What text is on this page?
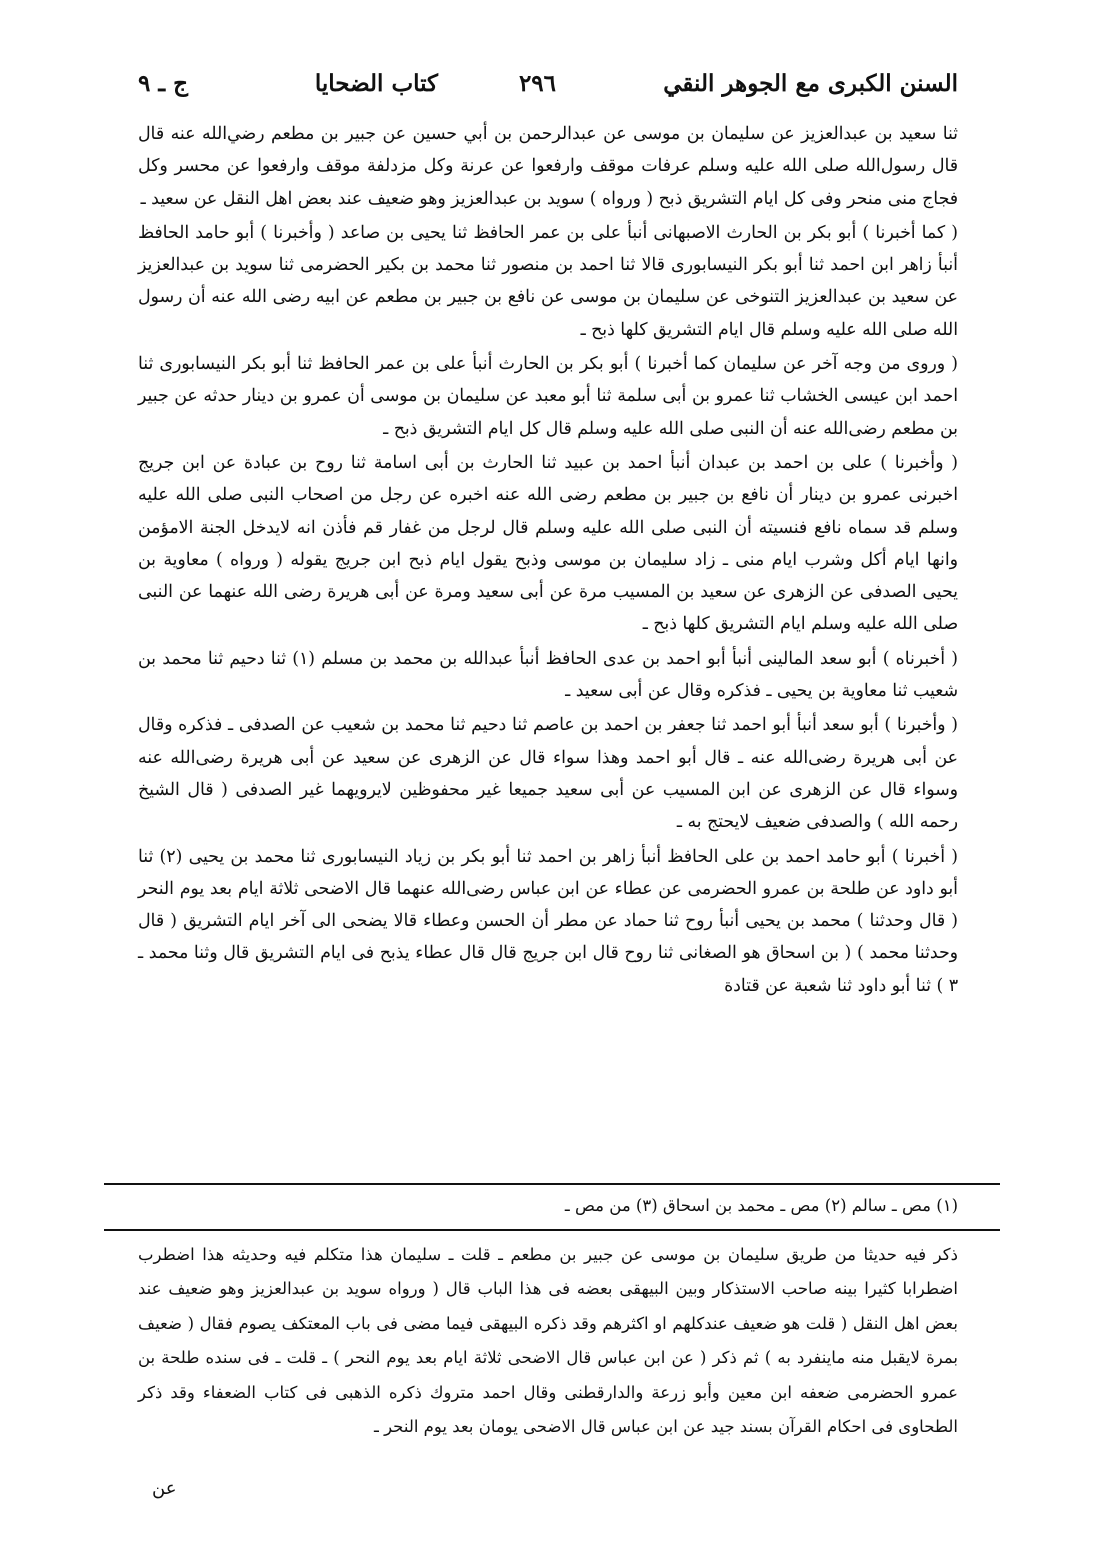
السنن الكبرى مع الجوهر النقي
٢٩٦
كتاب الضحايا
ج ـ ٩

ثنا سعيد بن عبدالعزيز عن سليمان بن موسى عن عبدالرحمن بن أبي حسين عن جبير بن مطعم رضي‌الله عنه قال قال رسول‌الله صلى الله عليه وسلم عرفات موقف وارفعوا عن عرنة وكل مزدلفة موقف وارفعوا عن محسر وكل فجاج منى منحر وفى كل ايام التشريق ذبح ( ورواه ) سويد بن عبدالعزيز وهو ضعيف عند بعض اهل النقل عن سعيد ـ

( كما أخبرنا ) أبو بكر بن الحارث الاصبهانى أنبأ على بن عمر الحافظ ثنا يحيى بن صاعد ( وأخبرنا ) أبو حامد الحافظ أنبأ زاهر ابن احمد ثنا أبو بكر النيسابورى قالا ثنا احمد بن منصور ثنا محمد بن بكير الحضرمى ثنا سويد بن عبدالعزيز عن سعيد بن عبدالعزيز التنوخى عن سليمان بن موسى عن نافع بن جبير بن مطعم عن ابيه رضى الله عنه أن رسول الله صلى الله عليه وسلم قال ايام التشريق كلها ذبح ـ

( وروى من وجه آخر عن سليمان كما أخبرنا ) أبو بكر بن الحارث أنبأ على بن عمر الحافظ ثنا أبو بكر النيسابورى ثنا احمد ابن عيسى الخشاب ثنا عمرو بن أبى سلمة ثنا أبو معبد عن سليمان بن موسى أن عمرو بن دينار حدثه عن جبير بن مطعم رضى‌الله عنه أن النبى صلى الله عليه وسلم قال كل ايام التشريق ذبح ـ

( وأخبرنا ) على بن احمد بن عبدان أنبأ احمد بن عبيد ثنا الحارث بن أبى اسامة ثنا روح بن عبادة عن ابن جريج اخبرنى عمرو بن دينار أن نافع بن جبير بن مطعم رضى الله عنه اخبره عن رجل من اصحاب النبى صلى الله عليه وسلم قد سماه نافع فنسيته أن النبى صلى الله عليه وسلم قال لرجل من غفار قم فأذن انه لايدخل الجنة الامؤمن وانها ايام أكل وشرب ايام منى ـ زاد سليمان بن موسى وذبح يقول ايام ذبح ابن جريج يقوله ( ورواه ) معاوية بن يحيى الصدفى عن الزهرى عن سعيد بن المسيب مرة عن أبى سعيد ومرة عن أبى هريرة رضى الله عنهما عن النبى صلى الله عليه وسلم ايام التشريق كلها ذبح ـ

( أخبرناه ) أبو سعد المالينى أنبأ أبو احمد بن عدى الحافظ أنبأ عبدالله بن محمد بن مسلم (١) ثنا دحيم ثنا محمد بن شعيب ثنا معاوية بن يحيى ـ فذكره وقال عن أبى سعيد ـ

( وأخبرنا ) أبو سعد أنبأ أبو احمد ثنا جعفر بن احمد بن عاصم ثنا دحيم ثنا محمد بن شعيب عن الصدفى ـ فذكره وقال عن أبى هريرة رضى‌الله عنه ـ قال أبو احمد وهذا سواء قال عن الزهرى عن سعيد عن أبى هريرة رضى‌الله عنه وسواء قال عن الزهرى عن ابن المسيب عن أبى سعيد جميعا غير محفوظين لايرويهما غير الصدفى ( قال الشيخ رحمه الله ) والصدفى ضعيف لايحتج به ـ

( أخبرنا ) أبو حامد احمد بن على الحافظ أنبأ زاهر بن احمد ثنا أبو بكر بن زياد النيسابورى ثنا محمد بن يحيى (٢) ثنا أبو داود عن طلحة بن عمرو الحضرمى عن عطاء عن ابن عباس رضى‌الله عنهما قال الاضحى ثلاثة ايام بعد يوم النحر ( قال وحدثنا ) محمد بن يحيى أنبأ روح ثنا حماد عن مطر أن الحسن وعطاء قالا يضحى الى آخر ايام التشريق ( قال وحدثنا محمد ) ( بن اسحاق هو الصغانى ثنا روح قال ابن جريج قال قال عطاء يذبح فى ايام التشريق قال وثنا محمد ـ ٣ ) ثنا أبو داود ثنا شعبة عن قتادة

(١) مص ـ سالم (٢) مص ـ محمد بن اسحاق (٣) من مص ـ

ذكر فيه حديثا من طريق سليمان بن موسى عن جبير بن مطعم ـ قلت ـ سليمان هذا متكلم فيه وحديثه هذا اضطرب اضطرابا كثيرا بينه صاحب الاستذكار وبين البيهقى بعضه فى هذا الباب قال ( ورواه سويد بن عبدالعزيز وهو ضعيف عند بعض اهل النقل ( قلت هو ضعيف عندكلهم او اكثرهم وقد ذكره البيهقى فيما مضى فى باب المعتكف يصوم فقال ( ضعيف بمرة لايقبل منه ماينفرد به ) ثم ذكر ( عن ابن عباس قال الاضحى ثلاثة ايام بعد يوم النحر ) ـ قلت ـ فى سنده طلحة بن عمرو الحضرمى ضعفه ابن معين وأبو زرعة والدارقطنى وقال احمد متروك ذكره الذهبى فى كتاب الضعفاء وقد ذكر الطحاوى فى احكام القرآن بسند جيد عن ابن عباس قال الاضحى يومان بعد يوم النحر ـ

عن
